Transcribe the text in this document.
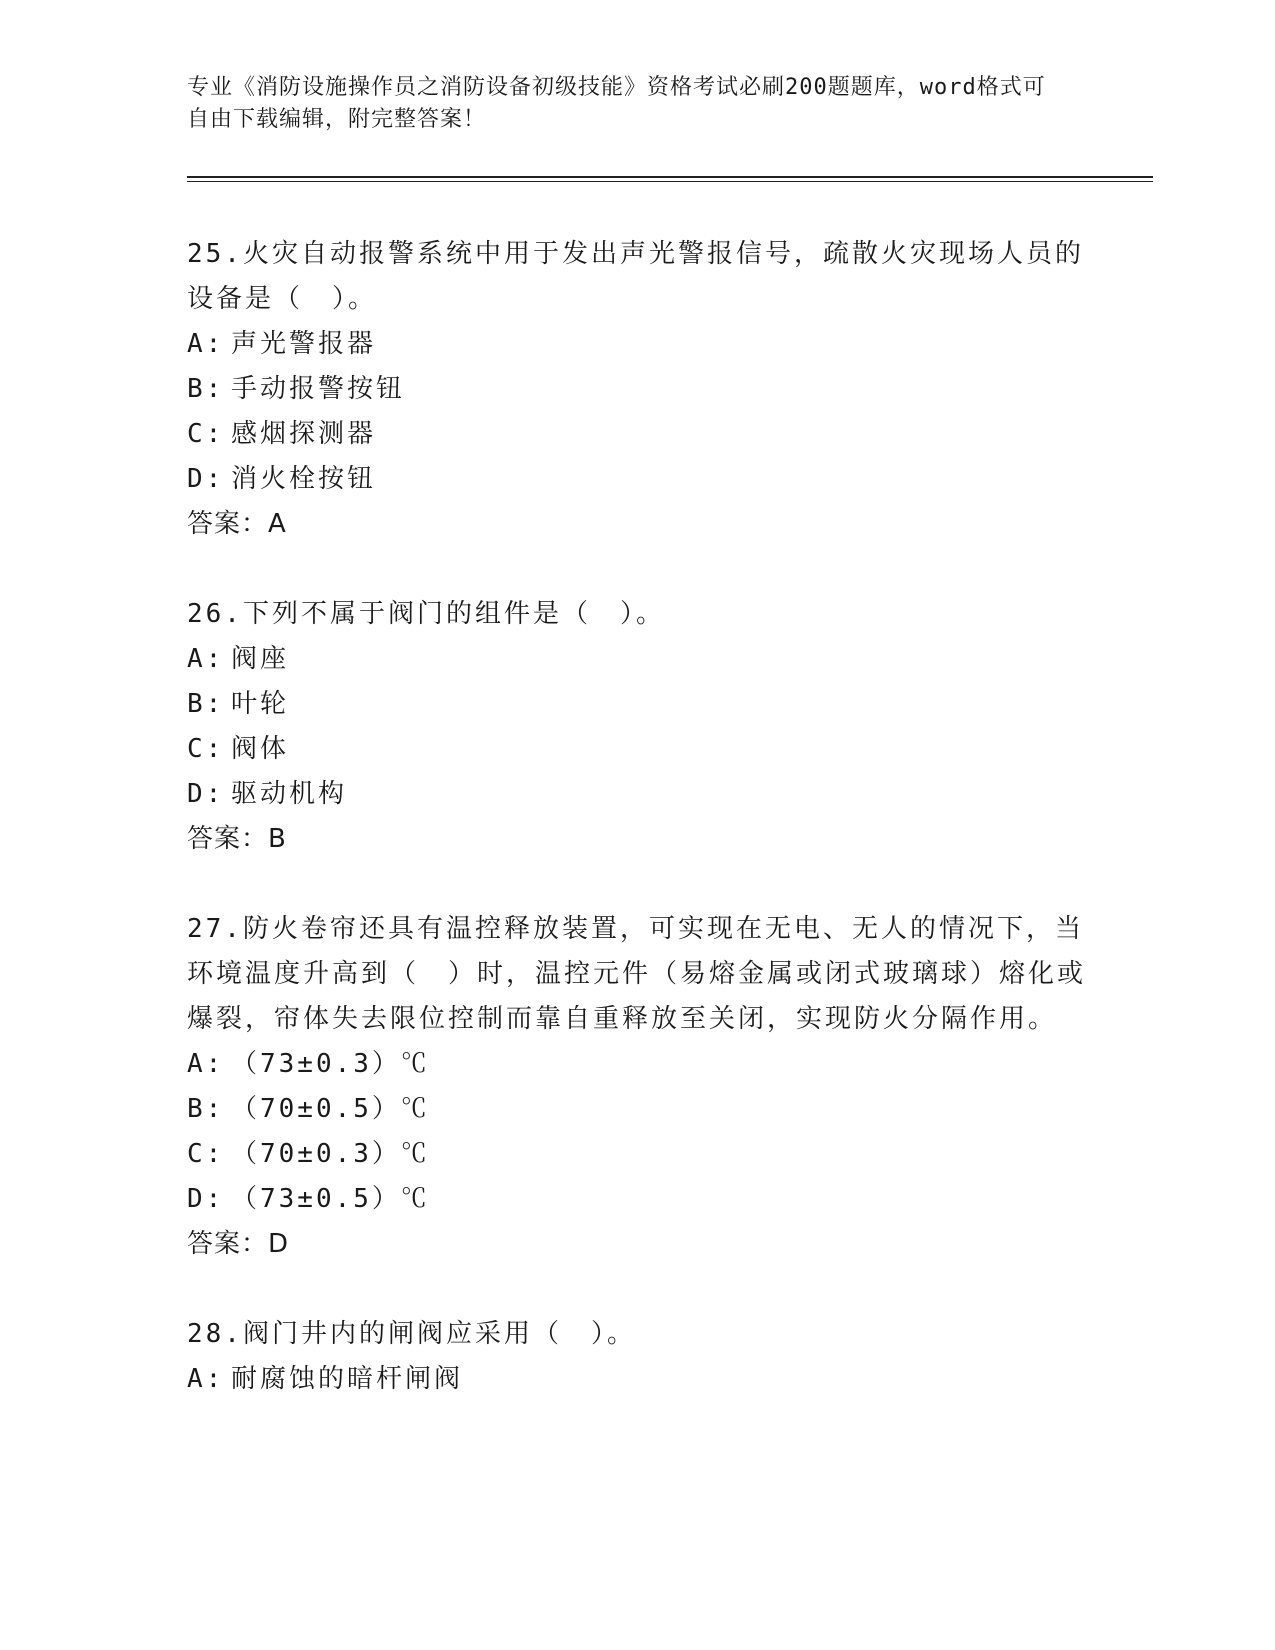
专业《消防设施操作员之消防设备初级技能》资格考试必刷200题题库，word格式可自由下载编辑，附完整答案！
25.火灾自动报警系统中用于发出声光警报信号，疏散火灾现场人员的设备是（　）。
A: 声光警报器
B: 手动报警按钮
C: 感烟探测器
D: 消火栓按钮
答案：A
26.下列不属于阀门的组件是（　）。
A: 阀座
B: 叶轮
C: 阀体
D: 驱动机构
答案：B
27.防火卷帘还具有温控释放装置，可实现在无电、无人的情况下，当环境温度升高到（　）时，温控元件（易熔金属或闭式玻璃球）熔化或爆裂，帘体失去限位控制而靠自重释放至关闭，实现防火分隔作用。
A: （73±0.3）℃
B: （70±0.5）℃
C: （70±0.3）℃
D: （73±0.5）℃
答案：D
28.阀门井内的闸阀应采用（　）。
A: 耐腐蚀的暗杆闸阀
